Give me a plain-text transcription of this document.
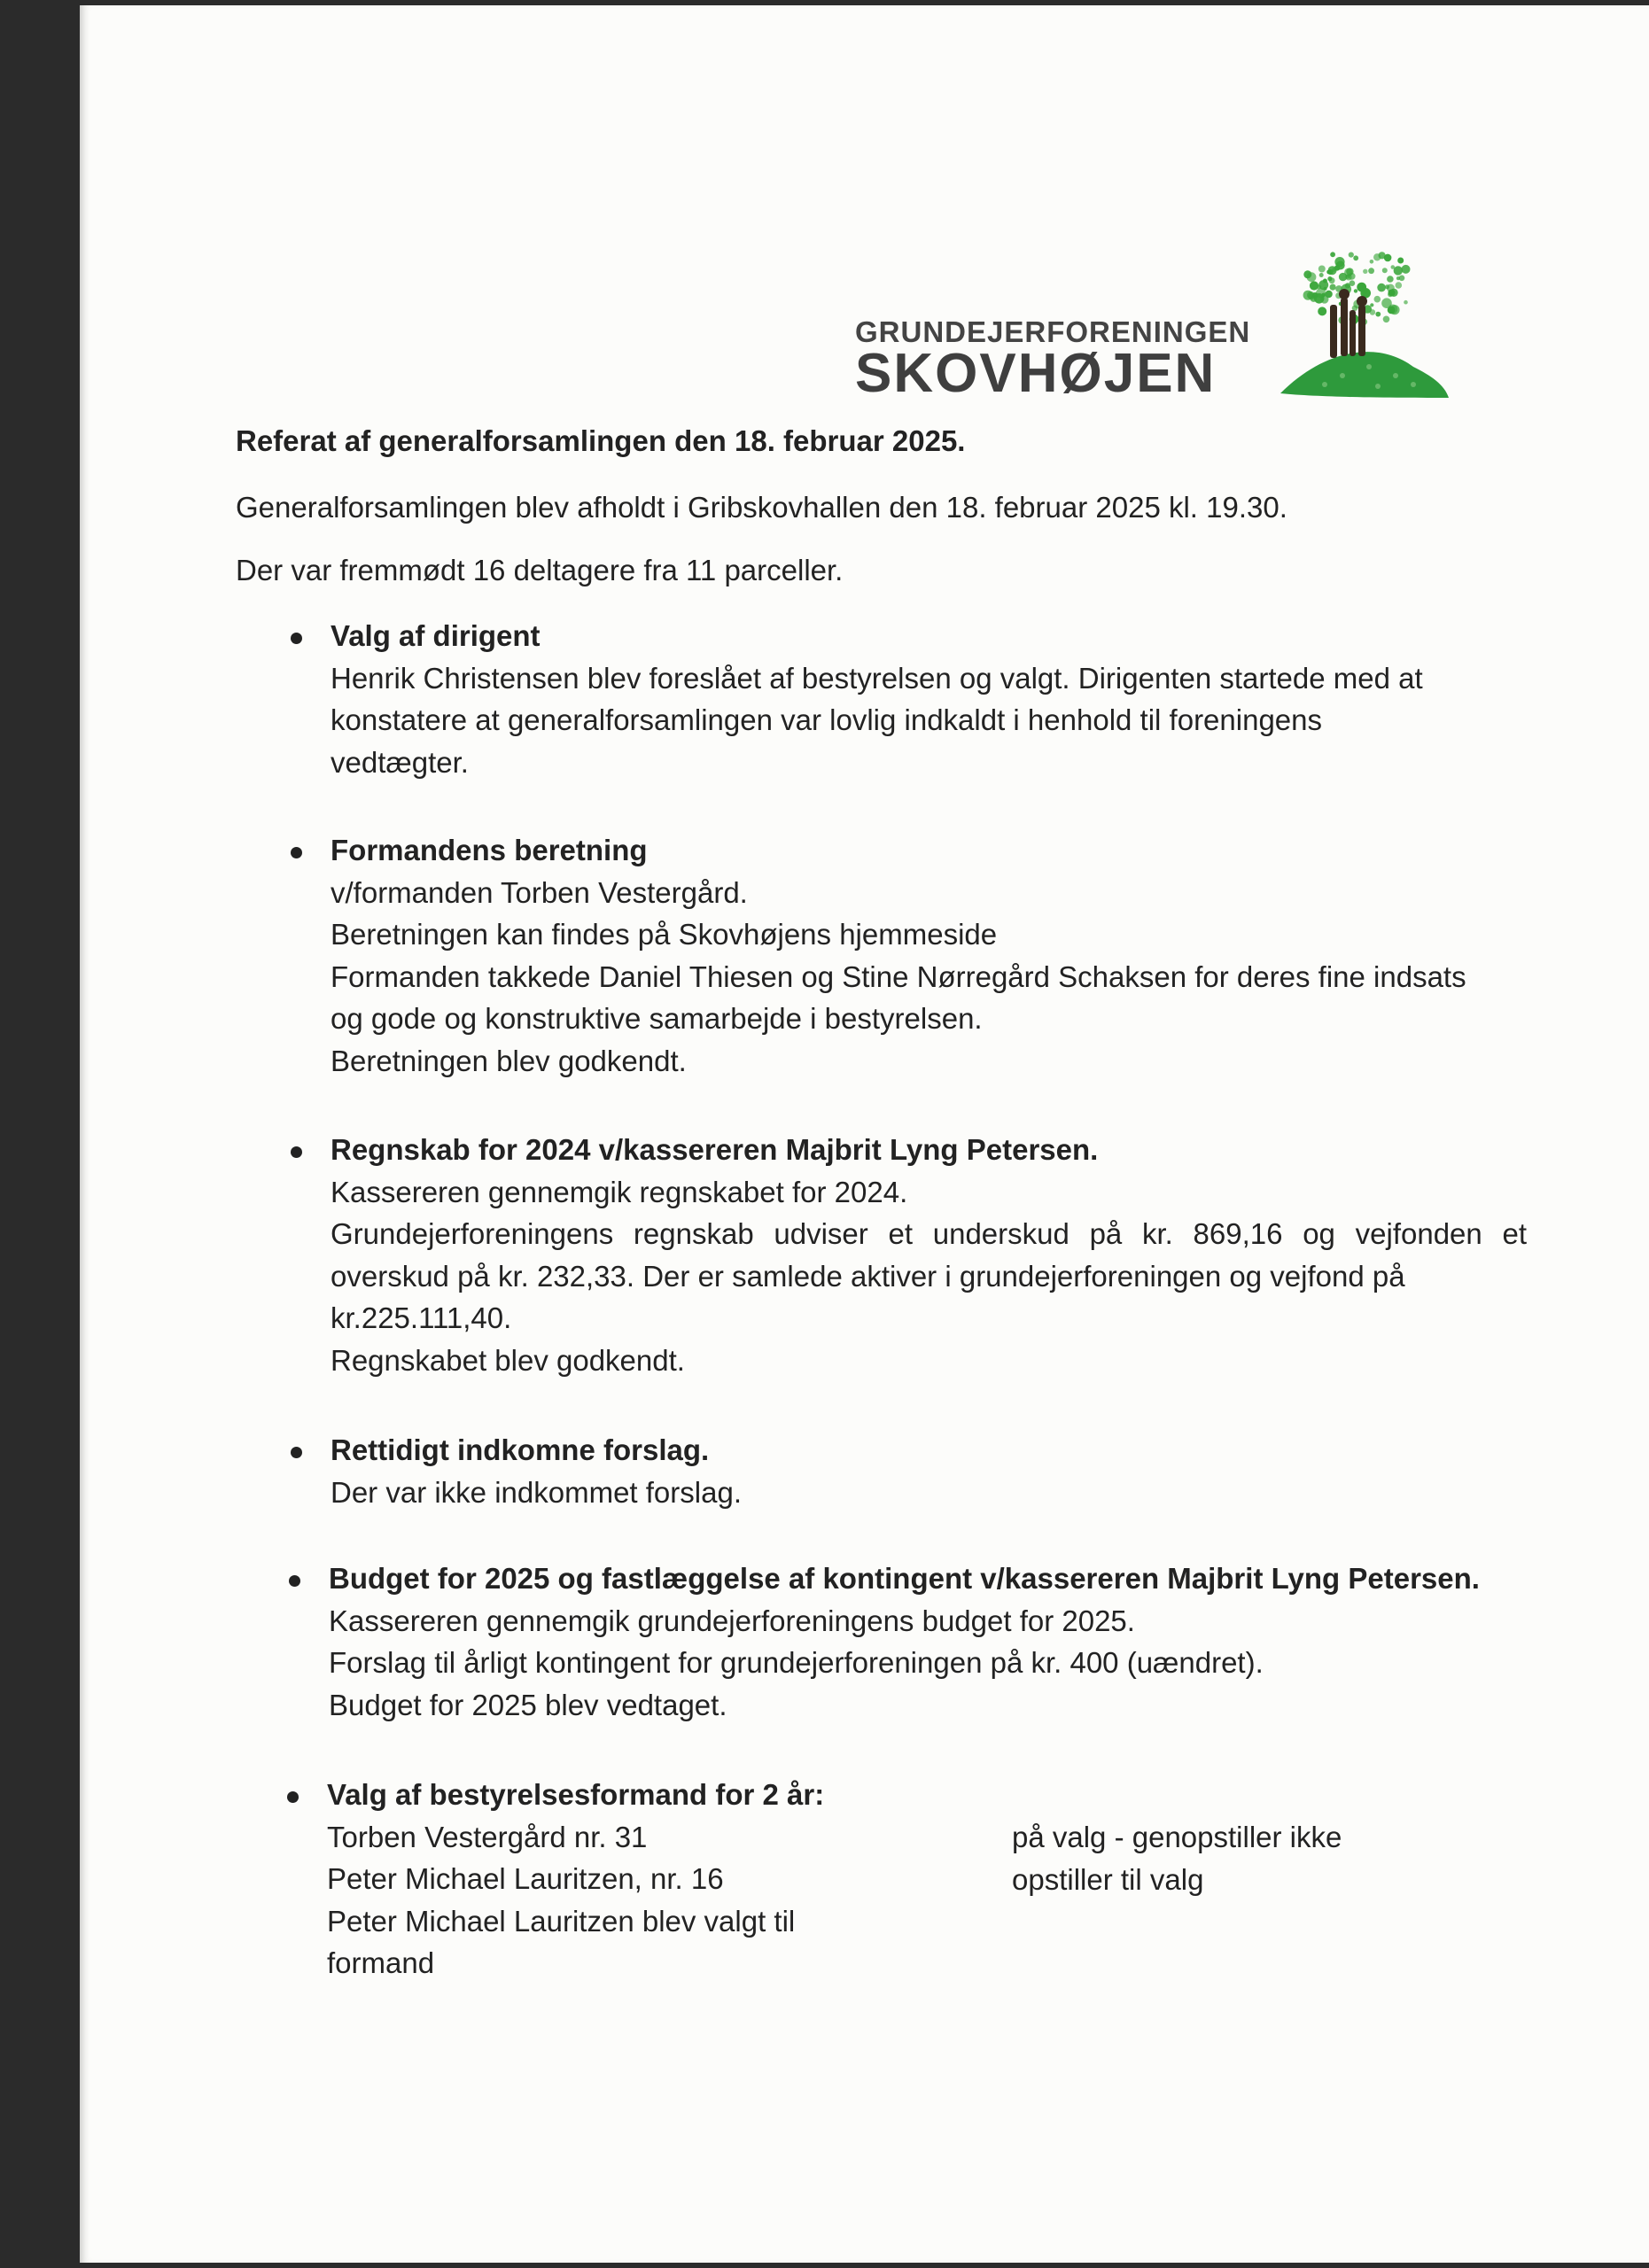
GRUNDEJERFORENINGEN
SKOVHØJEN
Referat af generalforsamlingen den 18. februar 2025.
Generalforsamlingen blev afholdt i Gribskovhallen den 18. februar 2025 kl. 19.30.
Der var fremmødt 16 deltagere fra 11 parceller.
Valg af dirigent
Henrik Christensen blev foreslået af bestyrelsen og valgt. Dirigenten startede med at
konstatere at generalforsamlingen var lovlig indkaldt i henhold til foreningens
vedtægter.
Formandens beretning
v/formanden Torben Vestergård.
Beretningen kan findes på Skovhøjens hjemmeside
Formanden takkede Daniel Thiesen og Stine Nørregård Schaksen for deres fine indsats
og gode og konstruktive samarbejde i bestyrelsen.
Beretningen blev godkendt.
Regnskab for 2024 v/kassereren Majbrit Lyng Petersen.
Kassereren gennemgik regnskabet for 2024.
Grundejerforeningens regnskab udviser et underskud på kr. 869,16 og vejfonden et
overskud på kr. 232,33. Der er samlede aktiver i grundejerforeningen og vejfond på
kr.225.111,40.
Regnskabet blev godkendt.
Rettidigt indkomne forslag.
Der var ikke indkommet forslag.
Budget for 2025 og fastlæggelse af kontingent v/kassereren Majbrit Lyng Petersen.
Kassereren gennemgik grundejerforeningens budget for 2025.
Forslag til årligt kontingent for grundejerforeningen på kr. 400 (uændret).
Budget for 2025 blev vedtaget.
Valg af bestyrelsesformand for 2 år:
Torben Vestergård nr. 31
Peter Michael Lauritzen, nr. 16
Peter Michael Lauritzen blev valgt til
formand
på valg - genopstiller ikke
opstiller til valg
